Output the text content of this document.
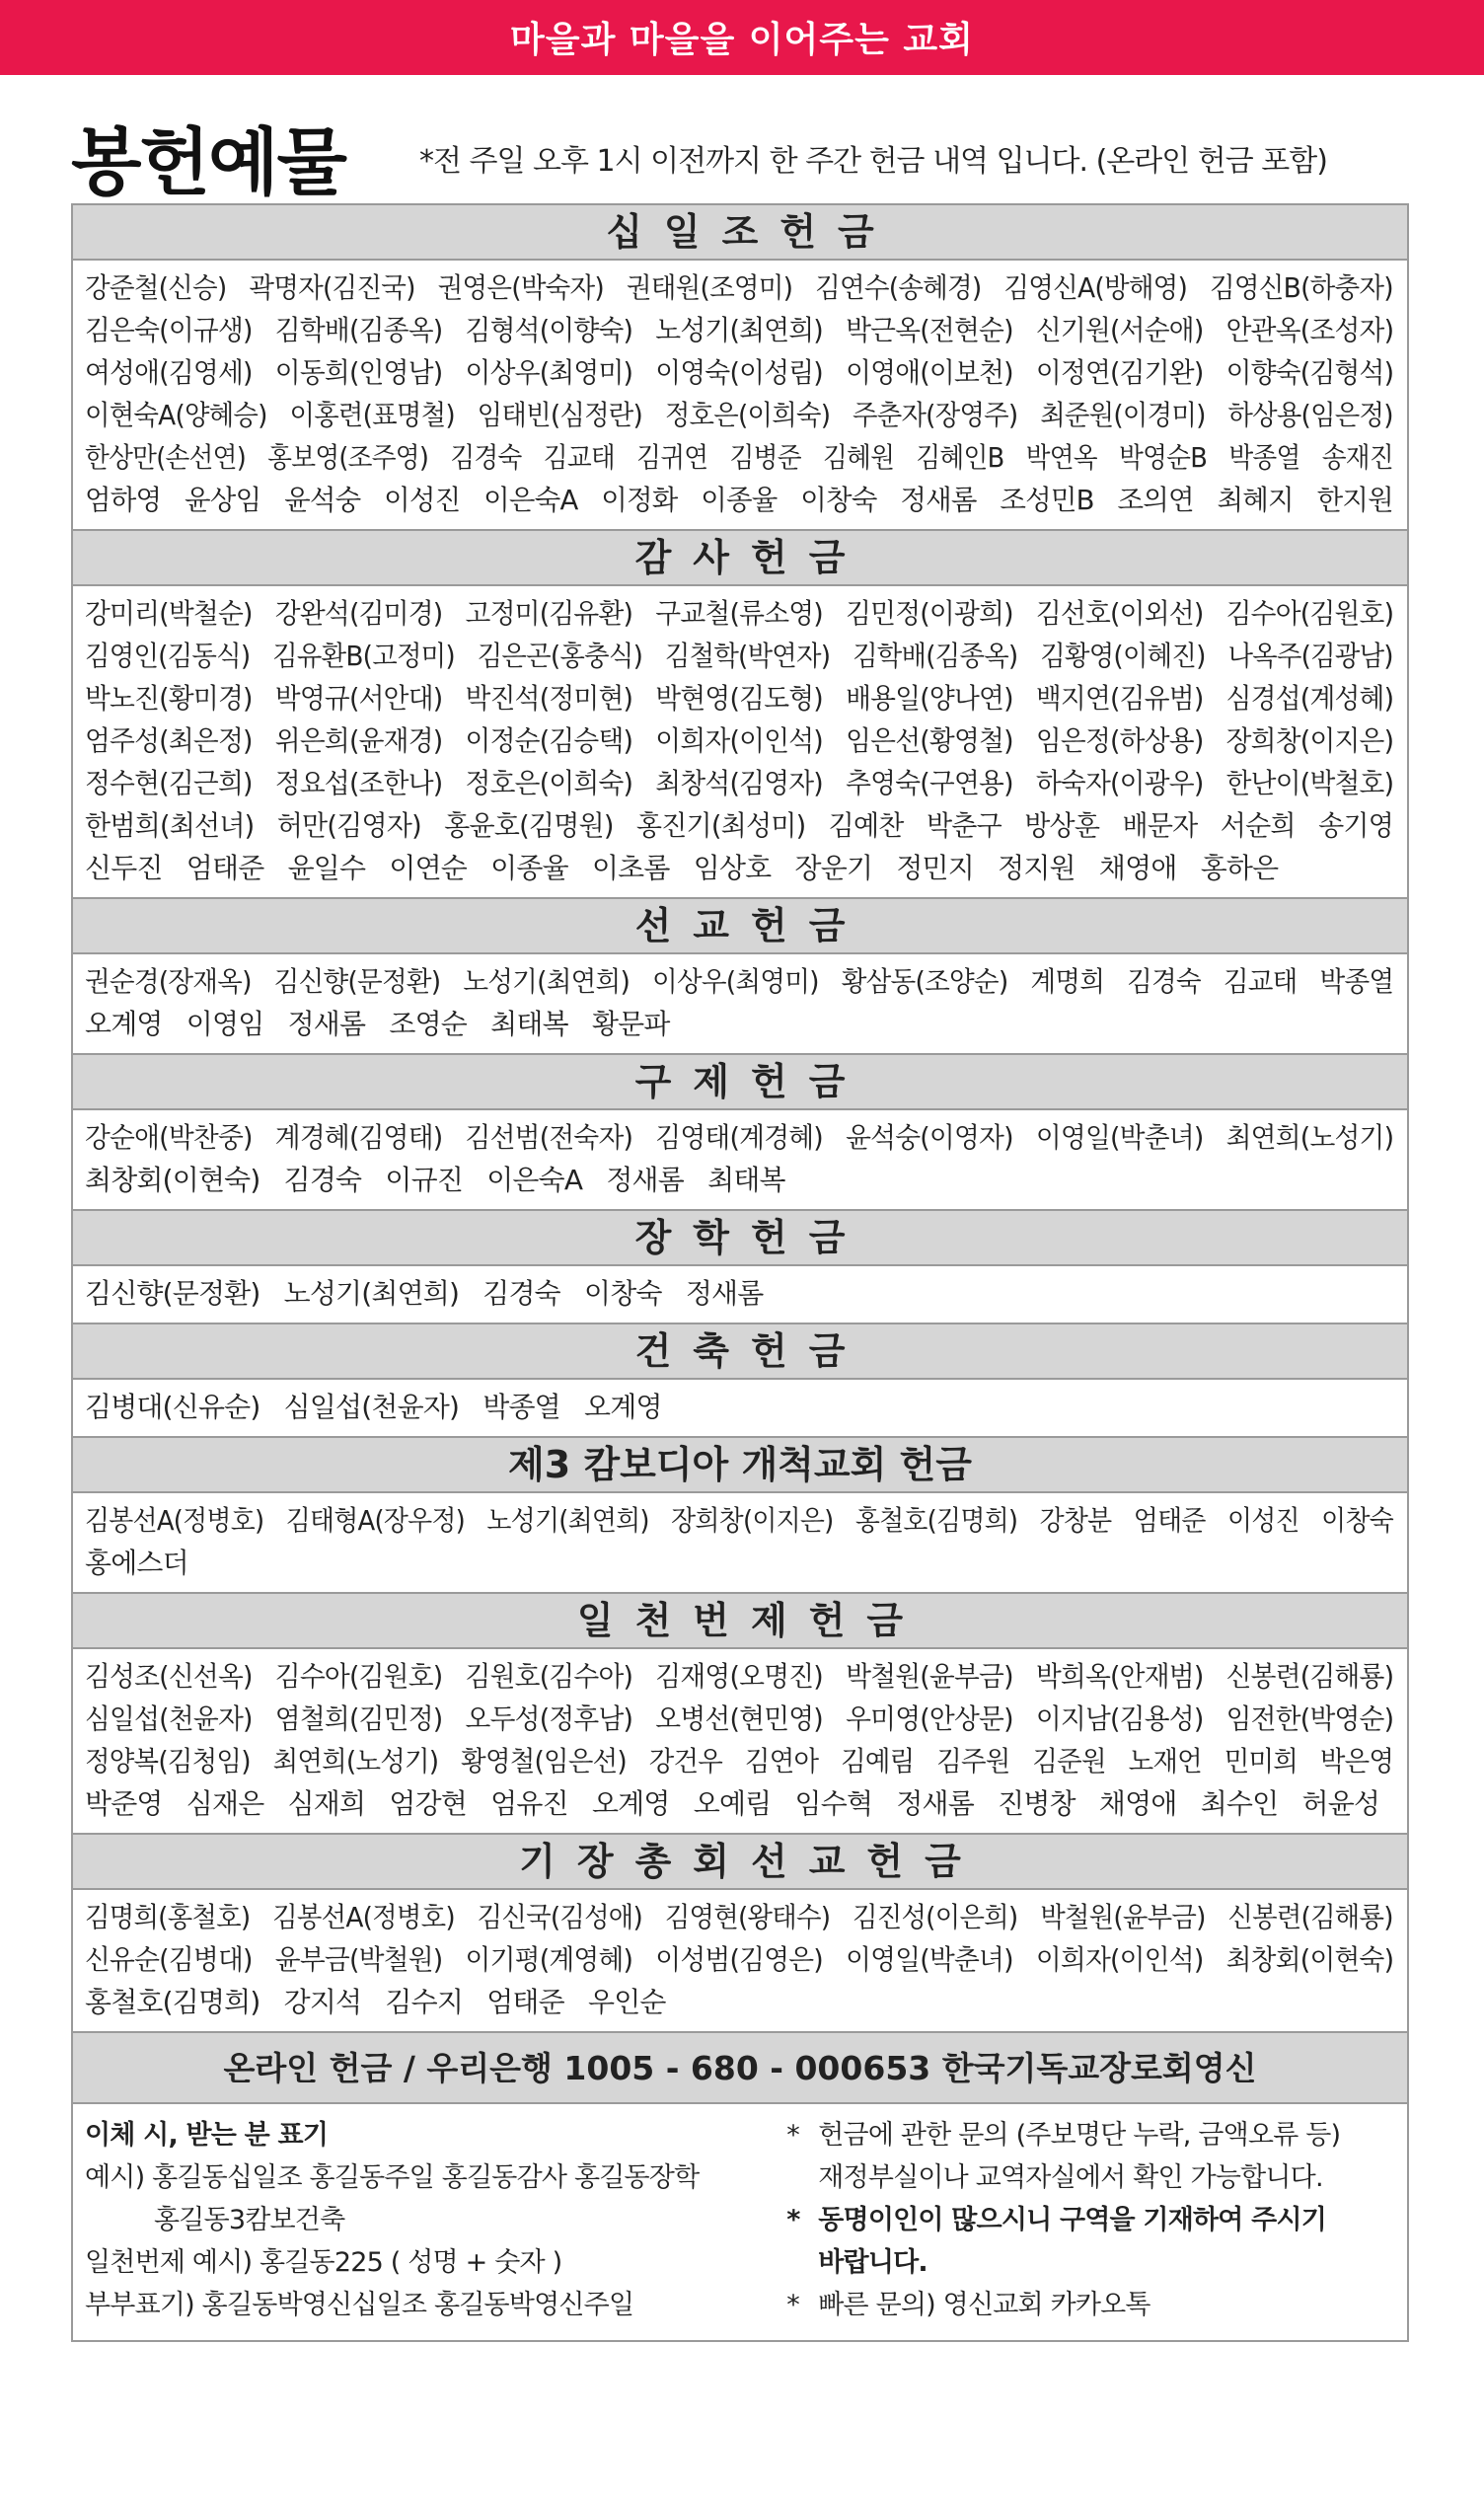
마을과 마을을 이어주는 교회
봉헌예물	*전 주일 오후 1시 이전까지 한 주간 헌금 내역 입니다. (온라인 헌금 포함)
십일조헌금
강준철(신승)  곽명자(김진국)  권영은(박숙자)  권태원(조영미)  김연수(송혜경)  김영신A(방해영)  김영신B(하충자)
김은숙(이규생)  김학배(김종옥)  김형석(이향숙)  노성기(최연희)  박근옥(전현순)  신기원(서순애)  안관옥(조성자)
여성애(김영세)  이동희(인영남)  이상우(최영미)  이영숙(이성림)  이영애(이보천)  이정연(김기완)  이향숙(김형석)
이현숙A(양혜승)  이홍련(표명철)  임태빈(심정란)  정호은(이희숙)  주춘자(장영주)  최준원(이경미)  하상용(임은정)
한상만(손선연)  홍보영(조주영)  김경숙  김교태  김귀연  김병준  김혜원  김혜인B  박연옥  박영순B  박종열  송재진
엄하영  윤상임  윤석숭  이성진  이은숙A  이정화  이종율  이창숙  정새롬  조성민B  조의연  최혜지  한지원
감사헌금
강미리(박철순)  강완석(김미경)  고정미(김유환)  구교철(류소영)  김민정(이광희)  김선호(이외선)  김수아(김원호)
김영인(김동식)  김유환B(고정미)  김은곤(홍충식)  김철학(박연자)  김학배(김종옥)  김황영(이혜진)  나옥주(김광남)
박노진(황미경)  박영규(서안대)  박진석(정미현)  박현영(김도형)  배용일(양나연)  백지연(김유범)  심경섭(계성혜)
엄주성(최은정)  위은희(윤재경)  이정순(김승택)  이희자(이인석)  임은선(황영철)  임은정(하상용)  장희창(이지은)
정수현(김근희)  정요섭(조한나)  정호은(이희숙)  최창석(김영자)  추영숙(구연용)  하숙자(이광우)  한난이(박철호)
한범희(최선녀)  허만(김영자)  홍윤호(김명원)  홍진기(최성미)  김예찬  박춘구  방상훈  배문자  서순희  송기영
신두진  엄태준  윤일수  이연순  이종율  이초롬  임상호  장운기  정민지  정지원  채영애  홍하은
선교헌금
권순경(장재옥)  김신향(문정환)  노성기(최연희)  이상우(최영미)  황삼동(조양순)  계명희  김경숙  김교태  박종열
오계영  이영임  정새롬  조영순  최태복  황문파
구제헌금
강순애(박찬중)  계경혜(김영태)  김선범(전숙자)  김영태(계경혜)  윤석숭(이영자)  이영일(박춘녀)  최연희(노성기)
최창회(이현숙)  김경숙  이규진  이은숙A  정새롬  최태복
장학헌금
김신향(문정환)  노성기(최연희)  김경숙  이창숙  정새롬
건축헌금
김병대(신유순)  심일섭(천윤자)  박종열  오계영
제3 캄보디아 개척교회 헌금
김봉선A(정병호)  김태형A(장우정)  노성기(최연희)  장희창(이지은)  홍철호(김명희)  강창분  엄태준  이성진  이창숙
홍에스더
일천번제헌금
김성조(신선옥)  김수아(김원호)  김원호(김수아)  김재영(오명진)  박철원(윤부금)  박희옥(안재범)  신봉련(김해룡)
심일섭(천윤자)  염철희(김민정)  오두성(정후남)  오병선(현민영)  우미영(안상문)  이지남(김용성)  임전한(박영순)
정양복(김청임)  최연희(노성기)  황영철(임은선)  강건우  김연아  김예림  김주원  김준원  노재언  민미희  박은영
박준영  심재은  심재희  엄강현  엄유진  오계영  오예림  임수혁  정새롬  진병창  채영애  최수인  허윤성
기장총회선교헌금
김명희(홍철호)  김봉선A(정병호)  김신국(김성애)  김영현(왕태수)  김진성(이은희)  박철원(윤부금)  신봉련(김해룡)
신유순(김병대)  윤부금(박철원)  이기평(계영혜)  이성범(김영은)  이영일(박춘녀)  이희자(이인석)  최창회(이현숙)
홍철호(김명희)  강지석  김수지  엄태준  우인순
온라인 헌금 / 우리은행 1005 - 680 - 000653 한국기독교장로회영신
이체 시, 받는 분 표기
예시) 홍길동십일조 홍길동주일 홍길동감사 홍길동장학
홍길동3캄보건축
일천번제 예시) 홍길동225 ( 성명 + 숫자 )
부부표기) 홍길동박영신십일조 홍길동박영신주일
* 헌금에 관한 문의 (주보명단 누락, 금액오류 등)
재정부실이나 교역자실에서 확인 가능합니다.
* 동명이인이 많으시니 구역을 기재하여 주시기
바랍니다.
* 빠른 문의) 영신교회 카카오톡
